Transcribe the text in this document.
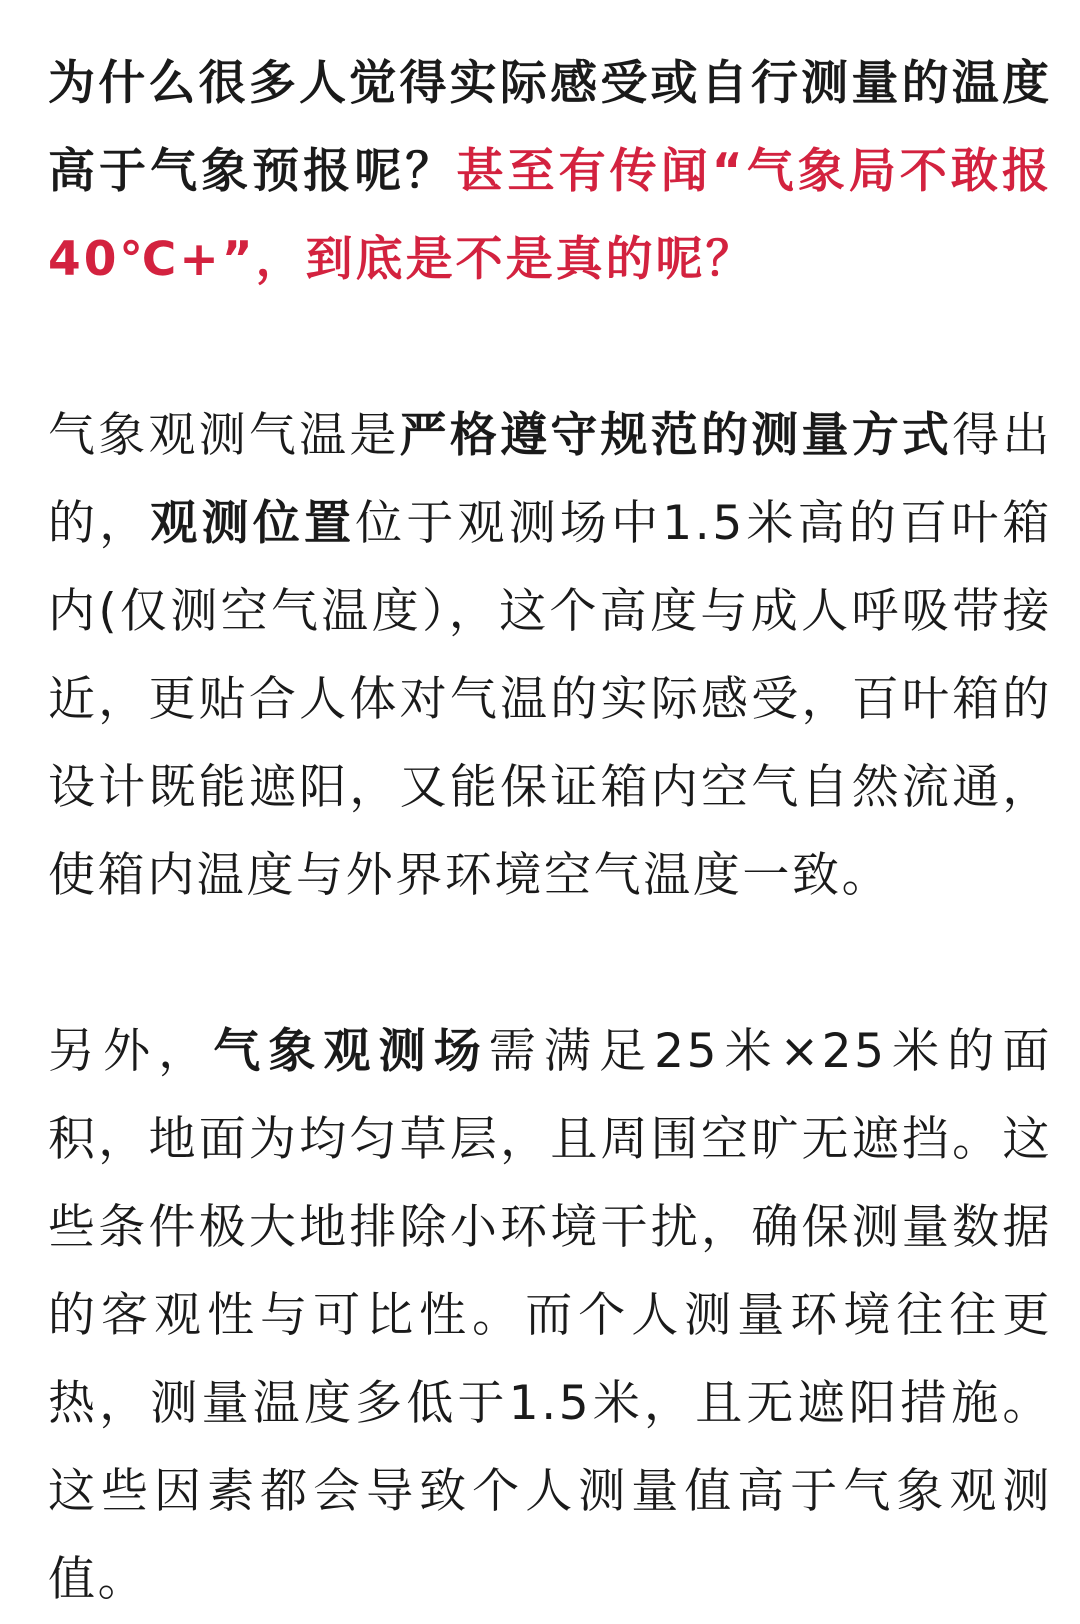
为什么很多人觉得实际感受或自行测量的温度高于气象预报呢？甚至有传闻“气象局不敢报40℃+”，到底是不是真的呢？

气象观测气温是严格遵守规范的测量方式得出的，观测位置位于观测场中1.5米高的百叶箱内(仅测空气温度），这个高度与成人呼吸带接近，更贴合人体对气温的实际感受，百叶箱的设计既能遮阳，又能保证箱内空气自然流通，使箱内温度与外界环境空气温度一致。

另外，气象观测场需满足25米×25米的面积，地面为均匀草层，且周围空旷无遮挡。这些条件极大地排除小环境干扰，确保测量数据的客观性与可比性。而个人测量环境往往更热，测量温度多低于1.5米，且无遮阳措施。这些因素都会导致个人测量值高于气象观测值。
